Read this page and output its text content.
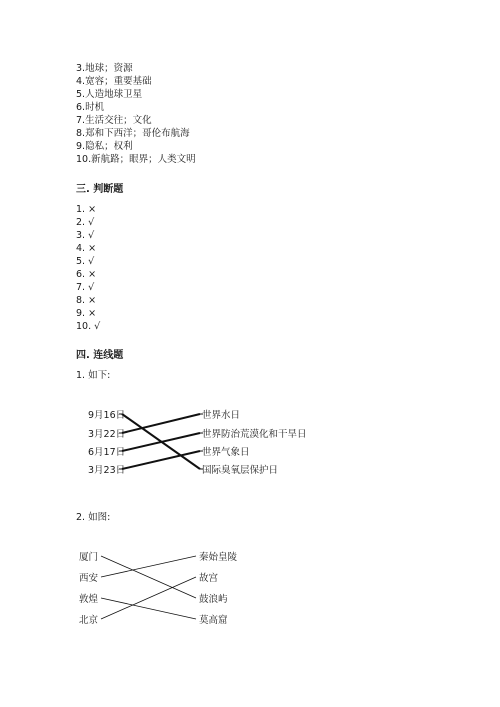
3.地球；资源
4.宽容；重要基础
5.人造地球卫星
6.时机
7.生活交往；文化
8.郑和下西洋；哥伦布航海
9.隐私；权利
10.新航路；眼界；人类文明
三. 判断题
1. ×
2. √
3. √
4. ×
5. √
6. ×
7. √
8. ×
9. ×
10. √
四. 连线题
1. 如下:
9月16日
3月22日
6月17日
3月23日
世界水日
世界防治荒漠化和干旱日
世界气象日
国际臭氧层保护日
2. 如图:
厦门
西安
敦煌
北京
秦始皇陵
故宫
鼓浪屿
莫高窟
